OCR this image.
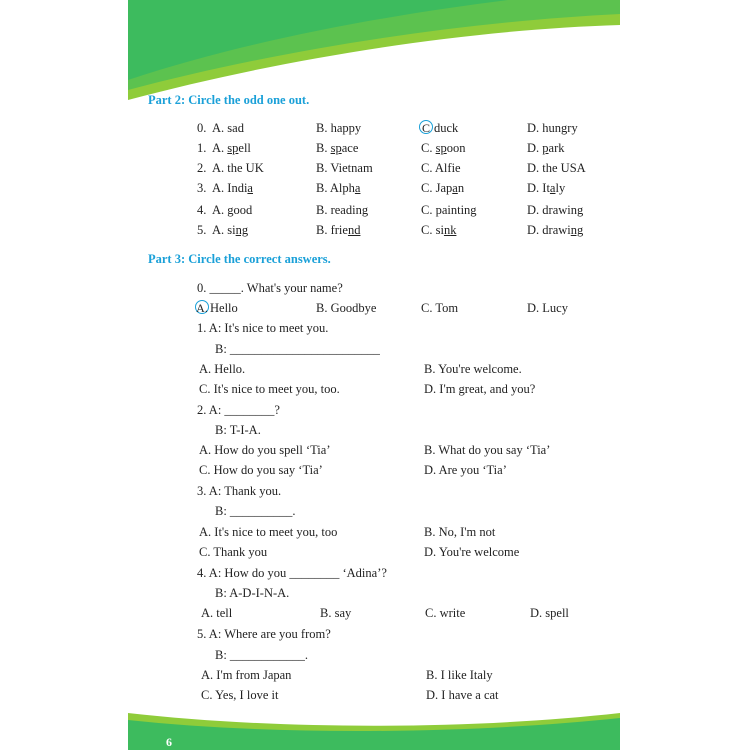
6
Part 2: Circle the odd one out.
0. A. sad	B. happy	C duck	D. hungry
1. A. spell	B. space	C. spoon	D. park
2. A. the UK	B. Vietnam	C. Alfie	D. the USA
3. A. India	B. Alpha	C. Japan	D. Italy
4. A. good	B. reading	C. painting	D. drawing
5. A. sing	B. friend	C. sink	D. drawing
Part 3: Circle the correct answers.
0. _____. What's your name?
A. Hello	B. Goodbye	C. Tom	D. Lucy
1. A: It's nice to meet you.
B: ________________________
A. Hello.	B. You're welcome.
C. It's nice to meet you, too.	D. I'm great, and you?
2. A: ________?
B: T-I-A.
A. How do you spell ‘Tia’	B. What do you say ‘Tia’
C. How do you say ‘Tia’	D. Are you ‘Tia’
3. A: Thank you.
B: __________.
A. It's nice to meet you, too	B. No, I'm not
C. Thank you	D. You're welcome
4. A: How do you ________ ‘Adina’?
B: A-D-I-N-A.
A. tell	B. say	C. write	D. spell
5. A: Where are you from?
B: ____________.
A. I'm from Japan	B. I like Italy
C. Yes, I love it	D. I have a cat
